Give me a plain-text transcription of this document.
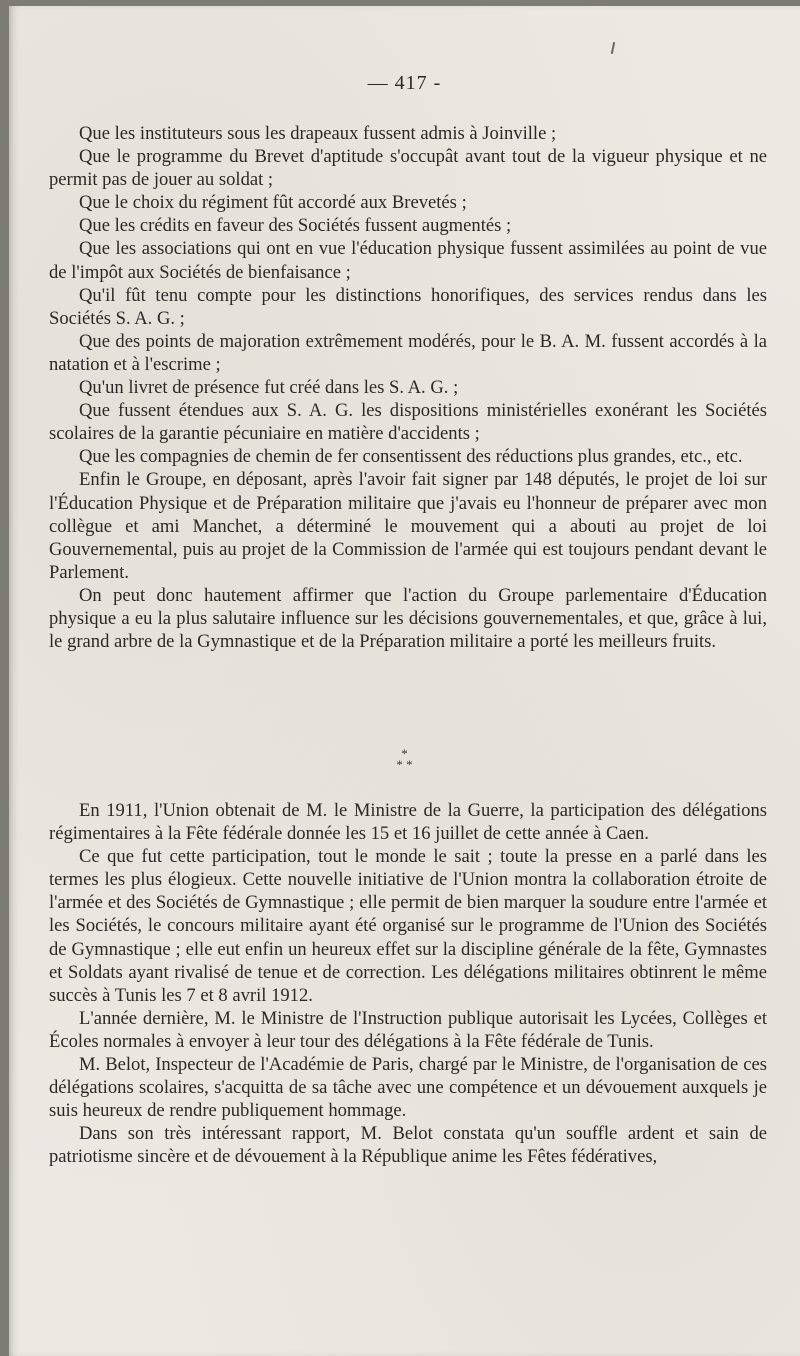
— 417 -

Que les instituteurs sous les drapeaux fussent admis à Joinville ;

Que le programme du Brevet d'aptitude s'occupât avant tout de la vigueur physique et ne permit pas de jouer au soldat ;

Que le choix du régiment fût accordé aux Brevetés ;

Que les crédits en faveur des Sociétés fussent augmentés ;

Que les associations qui ont en vue l'éducation physique fussent assimilées au point de vue de l'impôt aux Sociétés de bienfaisance ;

Qu'il fût tenu compte pour les distinctions honorifiques, des services rendus dans les Sociétés S. A. G. ;

Que des points de majoration extrêmement modérés, pour le B. A. M. fussent accordés à la natation et à l'escrime ;

Qu'un livret de présence fut créé dans les S. A. G. ;

Que fussent étendues aux S. A. G. les dispositions ministérielles exonérant les Sociétés scolaires de la garantie pécuniaire en matière d'accidents ;

Que les compagnies de chemin de fer consentissent des réductions plus grandes, etc., etc.

Enfin le Groupe, en déposant, après l'avoir fait signer par 148 députés, le projet de loi sur l'Éducation Physique et de Préparation militaire que j'avais eu l'honneur de préparer avec mon collègue et ami Manchet, a déterminé le mouvement qui a abouti au projet de loi Gouvernemental, puis au projet de la Commission de l'armée qui est toujours pendant devant le Parlement.

On peut donc hautement affirmer que l'action du Groupe parlementaire d'Éducation physique a eu la plus salutaire influence sur les décisions gouvernementales, et que, grâce à lui, le grand arbre de la Gymnastique et de la Préparation militaire a porté les meilleurs fruits.

*
* *

En 1911, l'Union obtenait de M. le Ministre de la Guerre, la participation des délégations régimentaires à la Fête fédérale donnée les 15 et 16 juillet de cette année à Caen.

Ce que fut cette participation, tout le monde le sait ; toute la presse en a parlé dans les termes les plus élogieux. Cette nouvelle initiative de l'Union montra la collaboration étroite de l'armée et des Sociétés de Gymnastique ; elle permit de bien marquer la soudure entre l'armée et les Sociétés, le concours militaire ayant été organisé sur le programme de l'Union des Sociétés de Gymnastique ; elle eut enfin un heureux effet sur la discipline générale de la fête, Gymnastes et Soldats ayant rivalisé de tenue et de correction. Les délégations militaires obtinrent le même succès à Tunis les 7 et 8 avril 1912.

L'année dernière, M. le Ministre de l'Instruction publique autorisait les Lycées, Collèges et Écoles normales à envoyer à leur tour des délégations à la Fête fédérale de Tunis.

M. Belot, Inspecteur de l'Académie de Paris, chargé par le Ministre, de l'organisation de ces délégations scolaires, s'acquitta de sa tâche avec une compétence et un dévouement auxquels je suis heureux de rendre publiquement hommage.

Dans son très intéressant rapport, M. Belot constata qu'un souffle ardent et sain de patriotisme sincère et de dévouement à la République anime les Fêtes fédératives,
